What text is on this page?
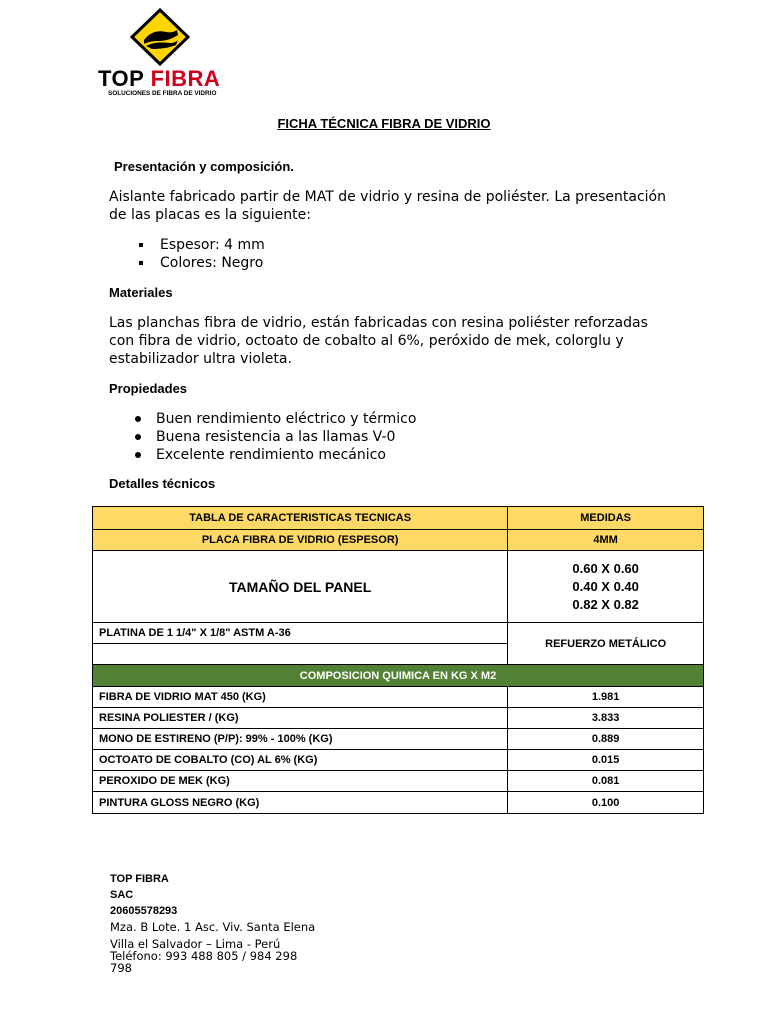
TOP FIBRA
SOLUCIONES DE FIBRA DE VIDRIO
FICHA TÉCNICA FIBRA DE VIDRIO
Presentación y composición.
Aislante fabricado partir de MAT de vidrio y resina de poliéster. La presentación de las placas es la siguiente:
Espesor: 4 mm
Colores: Negro
Materiales
Las planchas fibra de vidrio, están fabricadas con resina poliéster reforzadas con fibra de vidrio, octoato de cobalto al 6%, peróxido de mek, colorglu y estabilizador ultra violeta.
Propiedades
Buen rendimiento eléctrico y térmico
Buena resistencia a las llamas V-0
Excelente rendimiento mecánico
Detalles técnicos
TABLA DE CARACTERISTICAS TECNICAS	MEDIDAS
PLACA FIBRA DE VIDRIO (ESPESOR)	4MM
TAMAÑO DEL PANEL	0.60 X 0.60
0.40 X 0.40
0.82 X 0.82

PLATINA DE 1 1/4" X 1/8" ASTM A-36	REFUERZO METÁLICO

COMPOSICION QUIMICA EN KG X M2	
FIBRA DE VIDRIO MAT 450 (KG)	1.981
RESINA POLIESTER / (KG)	3.833
MONO DE ESTIRENO (P/P): 99% - 100% (KG)	0.889
OCTOATO DE COBALTO (CO) AL 6% (KG)	0.015
PEROXIDO DE MEK (KG)	0.081
PINTURA GLOSS NEGRO (KG)	0.100
TOP FIBRA
SAC
20605578293
Mza. B Lote. 1 Asc. Viv. Santa Elena
Villa el Salvador – Lima - Perú
Teléfono: 993 488 805 / 984 298
798
